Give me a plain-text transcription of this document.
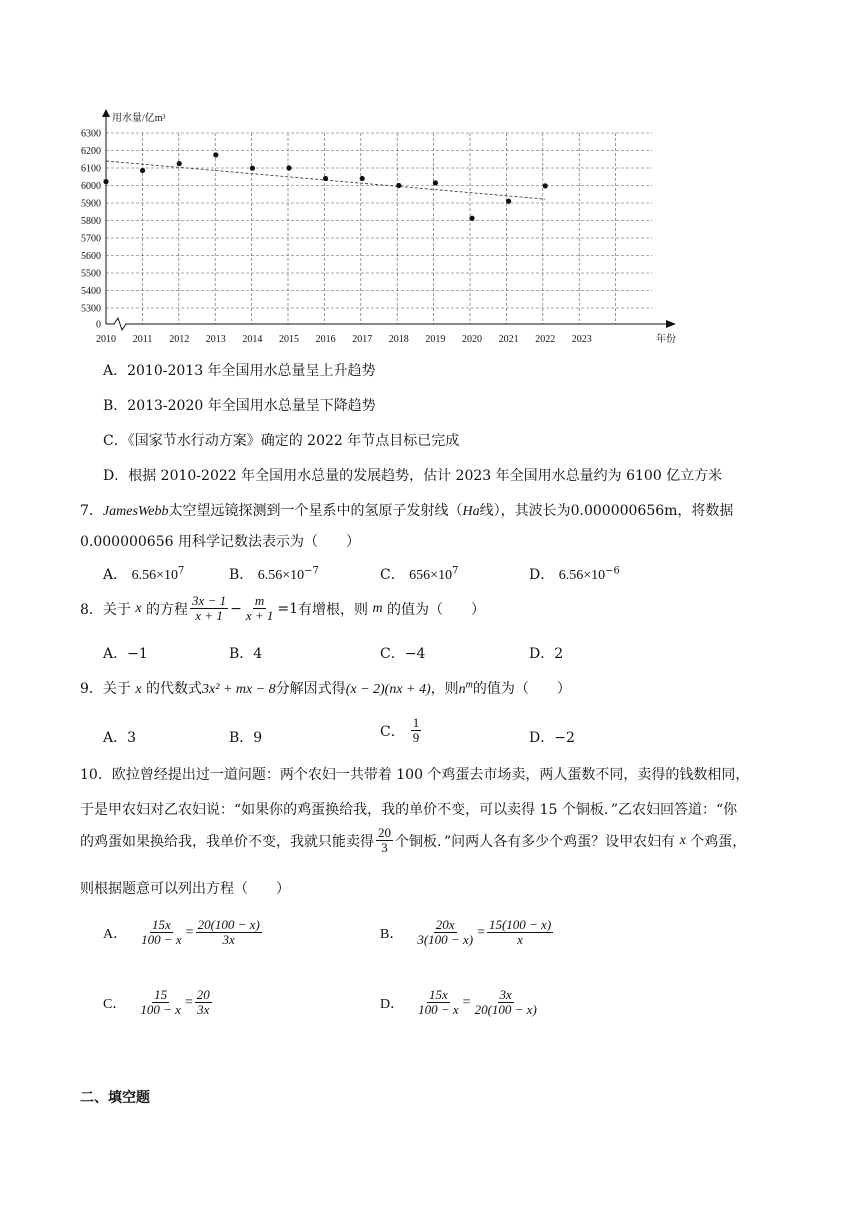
0
5300
5400
5500
5600
5700
5800
5900
6000
6100
6200
6300
2010 2011 2012 2013 2014 2015 2016 2017 2018 2019 2020 2021 2022 2023
用水量/亿m³
年份
A．2010-2013 年全国用水总量呈上升趋势
B．2013-2020 年全国用水总量呈下降趋势
C．《国家节水行动方案》确定的 2022 年节点目标已完成
D．根据 2010-2022 年全国用水总量的发展趋势，估计 2023 年全国用水总量约为 6100 亿立方米
7．JamesWebb太空望远镜探测到一个星系中的氢原子发射线（Ha线），其波长为0.000000656m，将数据
0.000000656 用科学记数法表示为（　　）
A． $6.56\times 10^7$	B． $6.56\times 10^{-7}$	C． $656\times 10^7$	D． $6.56\times 10^{-6}$
8．关于
x
的方程 $\frac{3x - 1}{x + 1} - \frac{m}{x + 1} =1$ 有增根，则
m
的值为（　　）
A．−1	B．4	C．−4	D．2
9．关于 x 的代数式3x² + mx − 8分解因式得(x − 2)(nx + 4)，则$n^m$的值为（　　）
A．3	B．9	C． $\frac{1}{9}$	D．−2
10．欧拉曾经提出过一道问题：两个农妇一共带着 100 个鸡蛋去市场卖，两人蛋数不同，卖得的钱数相同，
于是甲农妇对乙农妇说：“如果你的鸡蛋换给我，我的单价不变，可以卖得 15 个铜板．”乙农妇回答道：“你
的鸡蛋如果换给我，我单价不变，我就只能卖得 $\frac{20}{3}$ 个铜板．”问两人各有多少个鸡蛋？设甲农妇有
x
个鸡蛋，
则根据题意可以列出方程（　　）
A． $\frac{15x}{100 - x} = \frac{20(100 - x)}{3x}$	B． $\frac{20x}{3(100 - x)} = \frac{15(100 - x)}{x}$
C． $\frac{15}{100 - x} = \frac{20}{3x}$	D． $\frac{15x}{100 - x} = \frac{3x}{20(100 - x)}$
二、填空题
